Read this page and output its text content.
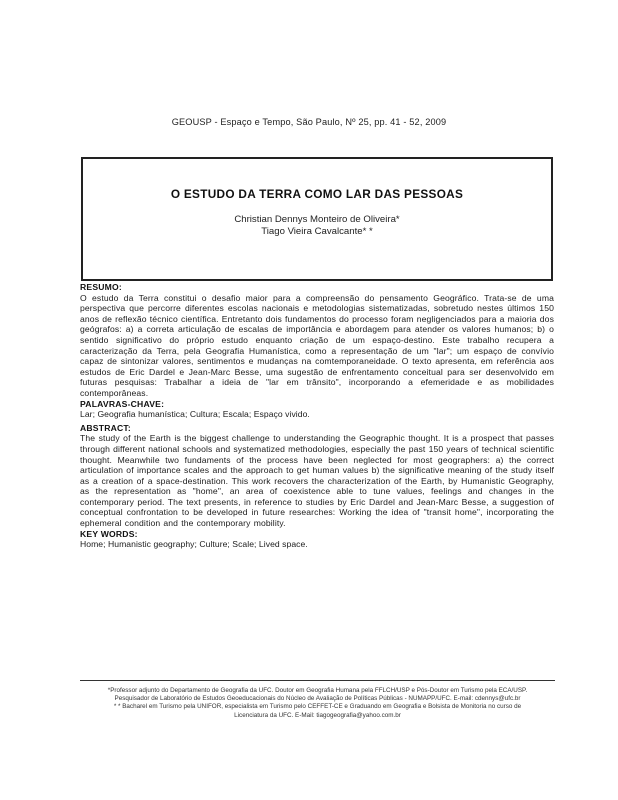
GEOUSP - Espaço e Tempo, São Paulo, Nº 25, pp. 41 - 52, 2009
O ESTUDO DA TERRA COMO LAR DAS PESSOAS
Christian Dennys Monteiro de Oliveira*
Tiago Vieira Cavalcante* *
RESUMO:
O estudo da Terra constitui o desafio maior para a compreensão do pensamento Geográfico. Trata-se de uma perspectiva que percorre diferentes escolas nacionais e metodologias sistematizadas, sobretudo nestes últimos 150 anos de reflexão técnico científica. Entretanto dois fundamentos do processo foram negligenciados para a maioria dos geógrafos: a) a correta articulação de escalas de importância e abordagem para atender os valores humanos; b) o sentido significativo do próprio estudo enquanto criação de um espaço-destino. Este trabalho recupera a caracterização da Terra, pela Geografia Humanística, como a representação de um "lar"; um espaço de convívio capaz de sintonizar valores, sentimentos e mudanças na comtemporaneidade. O texto apresenta, em referência aos estudos de Eric Dardel e Jean-Marc Besse, uma sugestão de enfrentamento conceitual para ser desenvolvido em futuras pesquisas: Trabalhar a ideia de "lar em trânsito", incorporando a efemeridade e as mobilidades contemporâneas.
PALAVRAS-CHAVE:
Lar; Geografia humanística; Cultura; Escala; Espaço vivido.
ABSTRACT:
The study of the Earth is the biggest challenge to understanding the Geographic thought. It is a prospect that passes through different national schools and systematized methodologies, especially the past 150 years of technical scientific thought. Meanwhile two fundaments of the process have been neglected for most geographers: a) the correct articulation of importance scales and the approach to get human values b) the significative meaning of the study itself as a creation of a space-destination. This work recovers the characterization of the Earth, by Humanistic Geography, as the representation as "home", an area of coexistence able to tune values, feelings and changes in the contemporary period. The text presents, in reference to studies by Eric Dardel and Jean-Marc Besse, a suggestion of conceptual confrontation to be developed in future researches: Working the idea of "transit home", incorporating the ephemeral condition and the contemporary mobility.
KEY WORDS:
Home; Humanistic geography; Culture; Scale; Lived space.
*Professor adjunto do Departamento de Geografia da UFC. Doutor em Geografia Humana pela FFLCH/USP e Pós-Doutor em Turismo pela ECA/USP.
Pesquisador de Laboratório de Estudos Geoeducacionais do Núcleo de Avaliação de Políticas Públicas - NUMAPP/UFC. E-mail: cdennys@ufc.br
* * Bacharel em Turismo pela UNIFOR, especialista em Turismo pelo CEFFET-CE e Graduando em Geografia e Bolsista de Monitoria no curso de
Licenciatura da UFC. E-Mail: tiagogeografia@yahoo.com.br
